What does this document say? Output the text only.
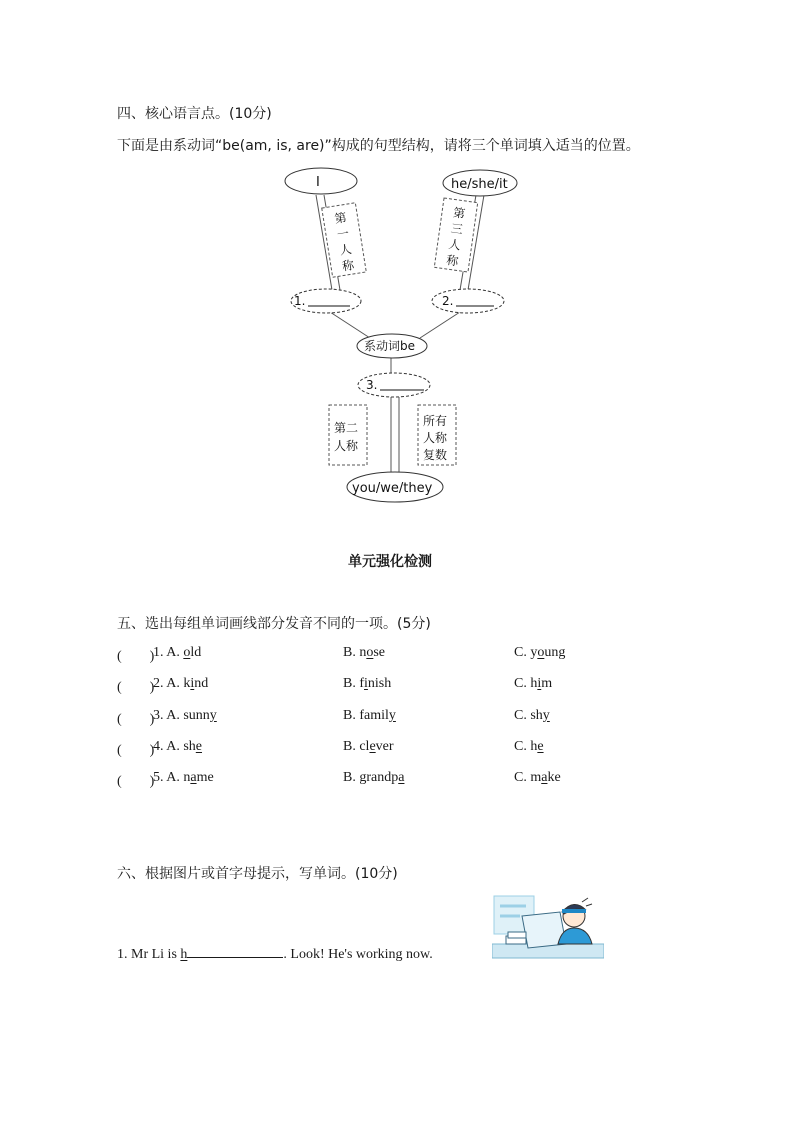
四、核心语言点。(10分)
下面是由系动词“be(am, is, are)”构成的句型结构，请将三个单词填入适当的位置。
I	he/she/it
1.	2.
系动词be
3.
you/we/they
第
一
人
称
第
三
人
称
第二
人称
所有
人称
复数
单元强化检测
五、选出每组单词画线部分发音不同的一项。(5分)
(　　)
1. A. old	B. nose	C. young
(　　)
2. A. kind	B. finish	C. him
(　　)
3. A. sunny	B. family	C. shy
(　　)
4. A. she	B. clever	C. he
(　　)
5. A. name	B. grandpa	C. make
六、根据图片或首字母提示，写单词。(10分)
1. Mr Li is h	. Look! He's working now.
